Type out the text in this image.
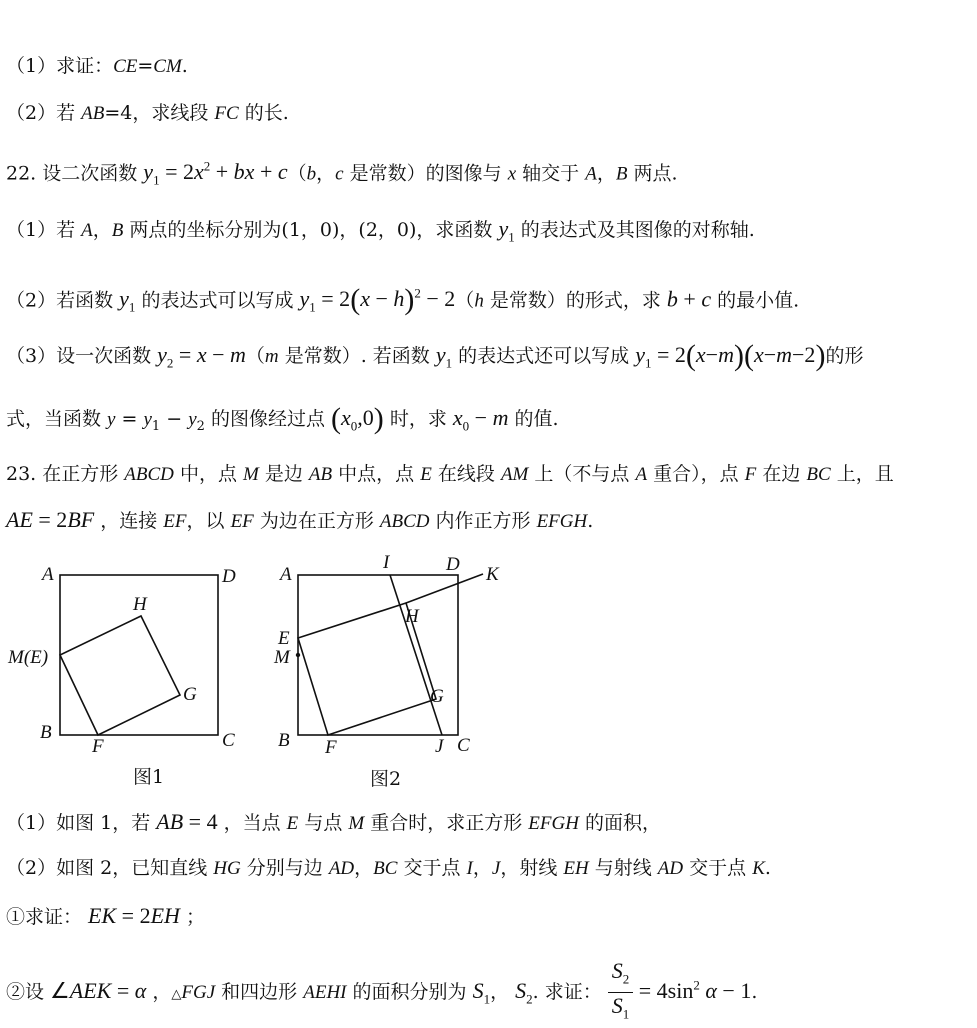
（1）求证：CE=CM.
（2）若 AB=4，求线段 FC 的长.
22. 设二次函数 $y_1 = 2x^2$ + bx + c（b，c 是常数）的图像与 x 轴交于 A，B 两点.
（1）若 A，B 两点的坐标分别为(1，0)，(2，0)，求函数 $y_1$ 的表达式及其图像的对称轴.
（2）若函数 $y_1$ 的表达式可以写成 $y_1 = 2(x - h)^2 - 2(h$ 是常数）的形式，求 b + c 的最小值.
（3）设一次函数 $y_2 = x - m(m$ 是常数）. 若函数 $y_1$ 的表达式还可以写成 $y_1 = 2(x-m)(x-m-2)$的形
式，当函数 $y = y_1 - y_2$ 的图像经过点 $(x_0,0)$ 时，求 $x_0 - m$ 的值.
23. 在正方形 ABCD 中，点 M 是边 AB 中点，点 E 在线段 AM 上（不与点 A 重合），点 F 在边 BC 上，且
AE = 2BF ，连接 EF，以 EF 为边在正方形 ABCD 内作正方形 EFGH.
A	D
H
M(E)
G
B
F	C
图1
A
I	D K
H
E
M
G
B F	J C
图2
（1）如图 1，若 AB = 4 ，当点 E 与点 M 重合时，求正方形 EFGH 的面积，
（2）如图 2，已知直线 HG 分别与边 AD，BC 交于点 I，J，射线 EH 与射线 AD 交于点 K.
①求证： EK = 2EH ；
②设 ∠AEK = α ，△FGJ 和四边形 AEHI 的面积分别为 $S_1$， $S_2$. 求证： $\frac{S_2}{S_1} = 4\sin^2$ α − 1.
